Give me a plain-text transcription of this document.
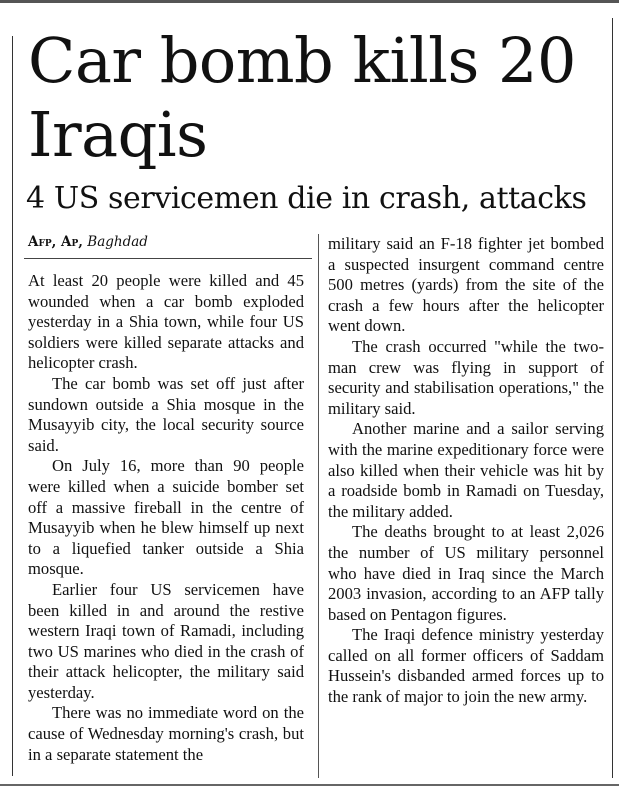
Car bomb kills 20 Iraqis
4 US servicemen die in crash, attacks
Afp, Ap, Baghdad

At least 20 people were killed and 45 wounded when a car bomb exploded yesterday in a Shia town, while four US soldiers were killed separate attacks and helicopter crash.

The car bomb was set off just after sundown outside a Shia mosque in the Musayyib city, the local security source said.

On July 16, more than 90 people were killed when a suicide bomber set off a massive fireball in the centre of Musayyib when he blew himself up next to a liquefied tanker outside a Shia mosque.

Earlier four US servicemen have been killed in and around the restive western Iraqi town of Ramadi, including two US marines who died in the crash of their attack helicopter, the military said yesterday.

There was no immediate word on the cause of Wednesday morning's crash, but in a separate statement the

military said an F-18 fighter jet bombed a suspected insurgent command centre 500 metres (yards) from the site of the crash a few hours after the helicopter went down.

The crash occurred "while the two-man crew was flying in support of security and stabilisation operations," the military said.

Another marine and a sailor serving with the marine expeditionary force were also killed when their vehicle was hit by a roadside bomb in Ramadi on Tuesday, the military added.

The deaths brought to at least 2,026 the number of US military personnel who have died in Iraq since the March 2003 invasion, according to an AFP tally based on Pentagon figures.

The Iraqi defence ministry yesterday called on all former officers of Saddam Hussein's disbanded armed forces up to the rank of major to join the new army.
